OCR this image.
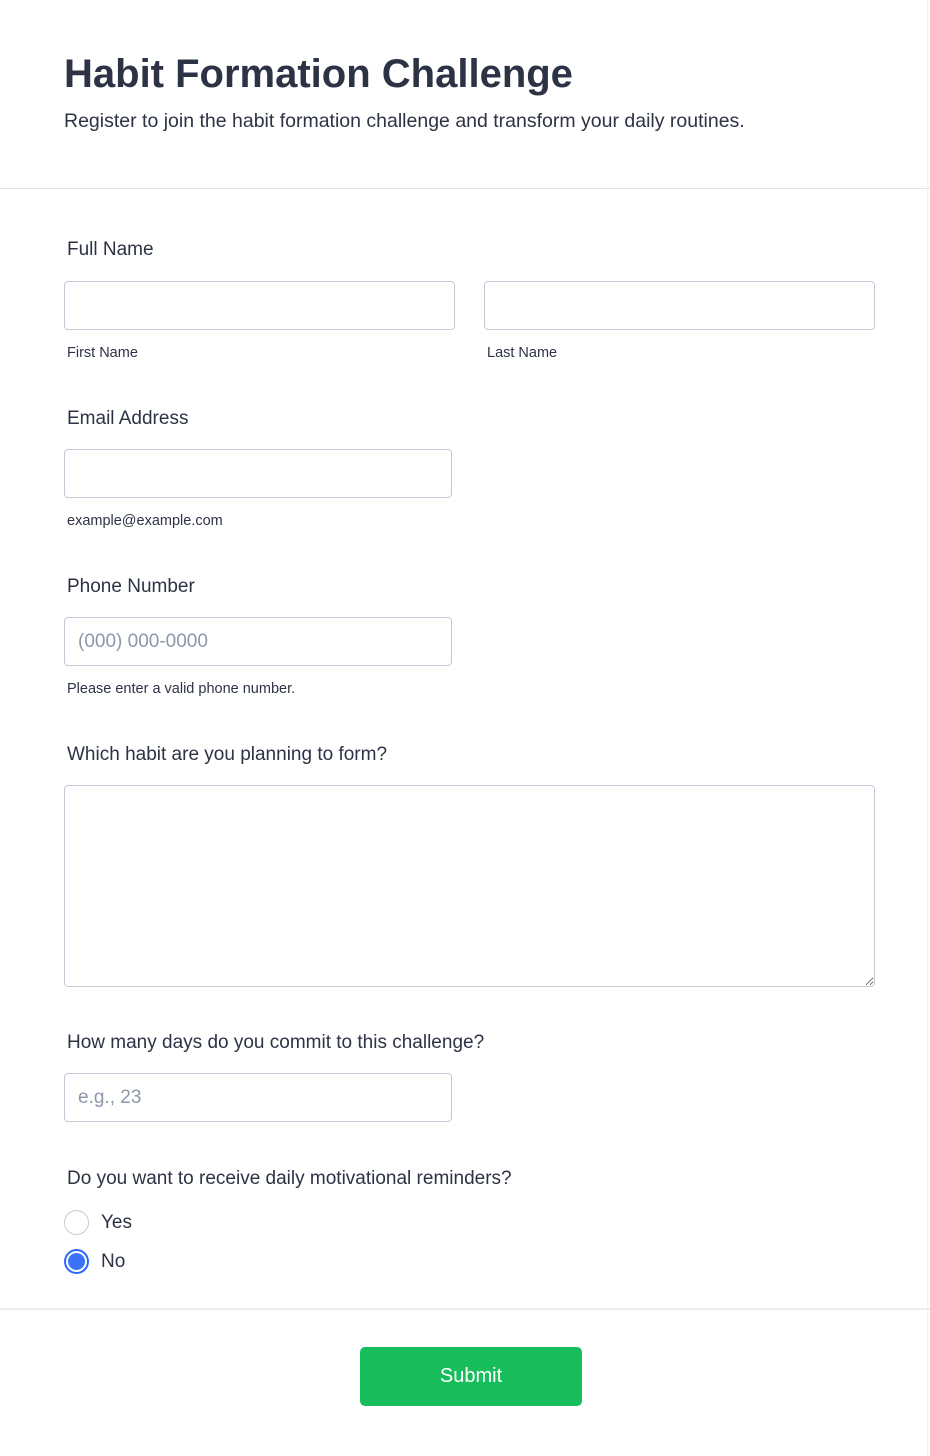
Habit Formation Challenge

Register to join the habit formation challenge and transform your daily routines.

Full Name
First Name	Last Name
Email Address
example@example.com
Phone Number
(000) 000-0000
Please enter a valid phone number.
Which habit are you planning to form?
How many days do you commit to this challenge?
e.g., 23
Do you want to receive daily motivational reminders?
Yes
No
Submit
